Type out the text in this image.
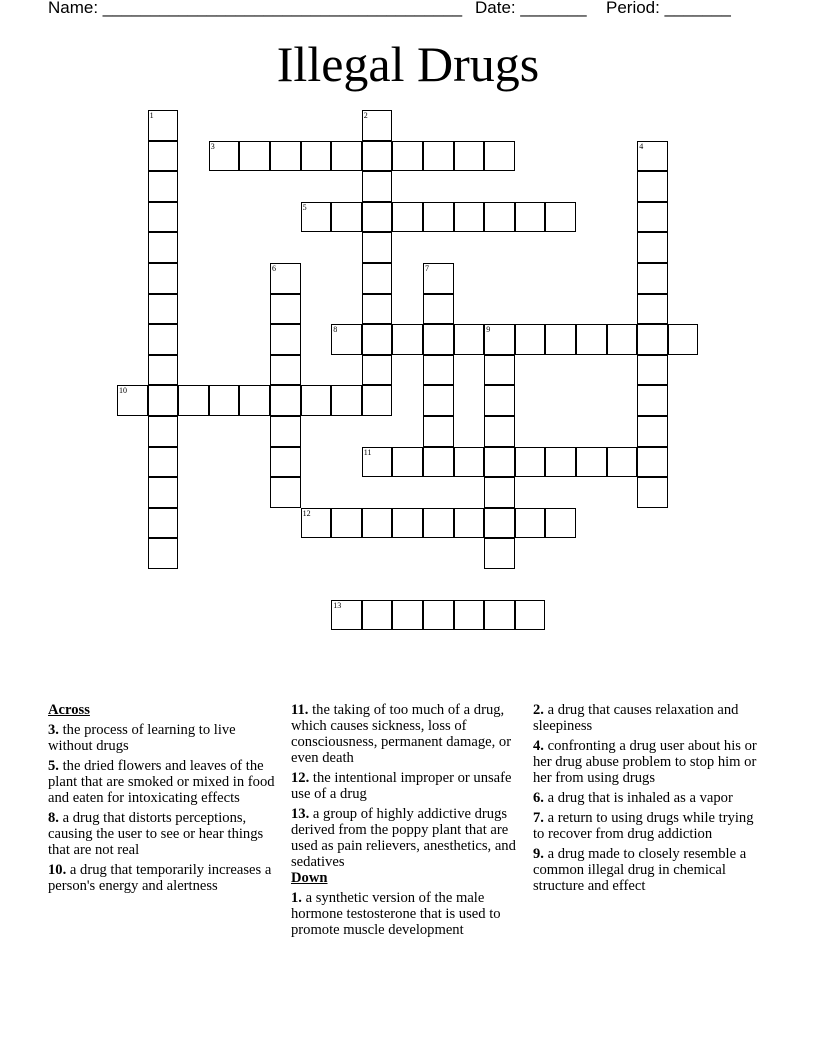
Name: ______________________________________ Date: _______ Period: _______
Illegal Drugs
1	2
3	4
5
6	7
8	9
10
11
12
13
Across
3. the process of learning to live without drugs
5. the dried flowers and leaves of the plant that are smoked or mixed in food and eaten for intoxicating effects
8. a drug that distorts perceptions, causing the user to see or hear things that are not real
10. a drug that temporarily increases a person's energy and alertness
11. the taking of too much of a drug, which causes sickness, loss of consciousness, permanent damage, or even death
12. the intentional improper or unsafe use of a drug
13. a group of highly addictive drugs derived from the poppy plant that are used as pain relievers, anesthetics, and sedatives
Down
1. a synthetic version of the male hormone testosterone that is used to promote muscle development
2. a drug that causes relaxation and sleepiness
4. confronting a drug user about his or her drug abuse problem to stop him or her from using drugs
6. a drug that is inhaled as a vapor
7. a return to using drugs while trying to recover from drug addiction
9. a drug made to closely resemble a common illegal drug in chemical structure and effect
